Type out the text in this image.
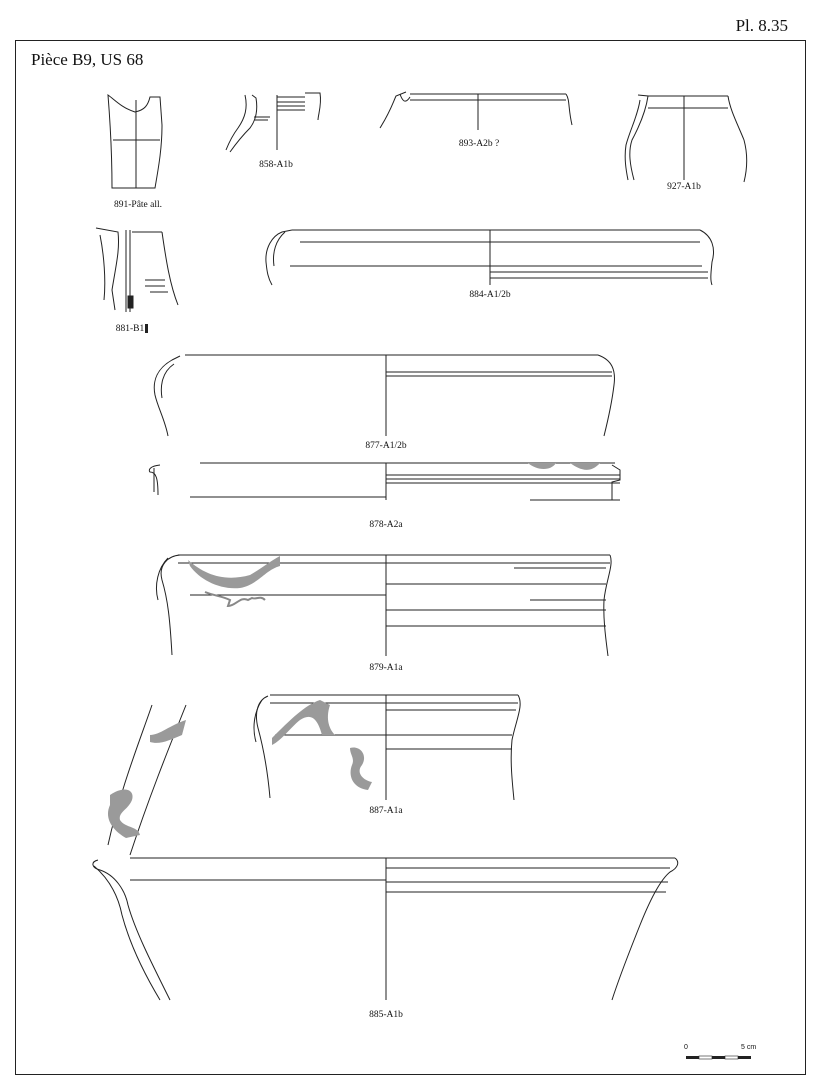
Pl. 8.35
Pièce B9, US 68
891-Pâte all.
858-A1b
893-A2b ?
927-A1b
881-B1
884-A1/2b
877-A1/2b
878-A2a
879-A1a
887-A1a
885-A1b
0	5 cm
